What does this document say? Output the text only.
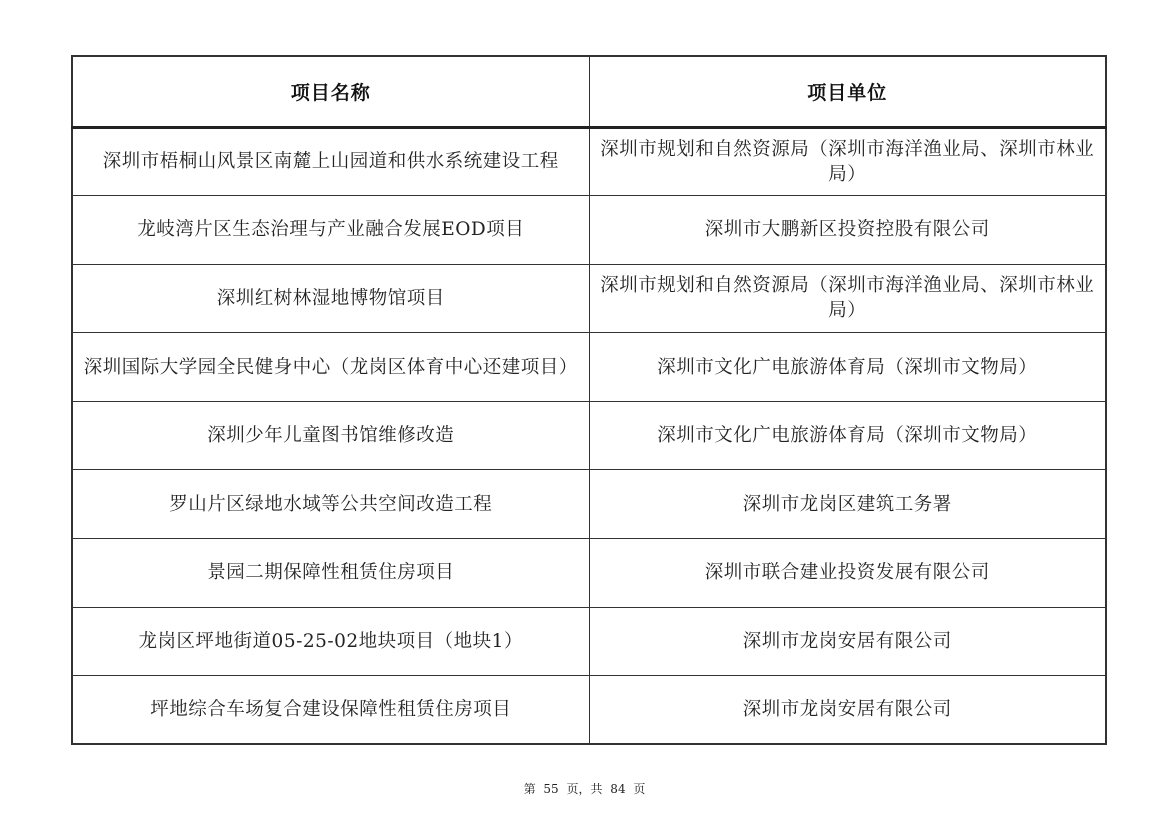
项目名称	项目单位
深圳市梧桐山风景区南麓上山园道和供水系统建设工程	深圳市规划和自然资源局（深圳市海洋渔业局、深圳市林业局）
龙岐湾片区生态治理与产业融合发展EOD项目	深圳市大鹏新区投资控股有限公司
深圳红树林湿地博物馆项目	深圳市规划和自然资源局（深圳市海洋渔业局、深圳市林业局）
深圳国际大学园全民健身中心（龙岗区体育中心还建项目）	深圳市文化广电旅游体育局（深圳市文物局）
深圳少年儿童图书馆维修改造	深圳市文化广电旅游体育局（深圳市文物局）
罗山片区绿地水域等公共空间改造工程	深圳市龙岗区建筑工务署
景园二期保障性租赁住房项目	深圳市联合建业投资发展有限公司
龙岗区坪地街道05-25-02地块项目（地块1）	深圳市龙岗安居有限公司
坪地综合车场复合建设保障性租赁住房项目	深圳市龙岗安居有限公司
第 55 页，共 84 页
